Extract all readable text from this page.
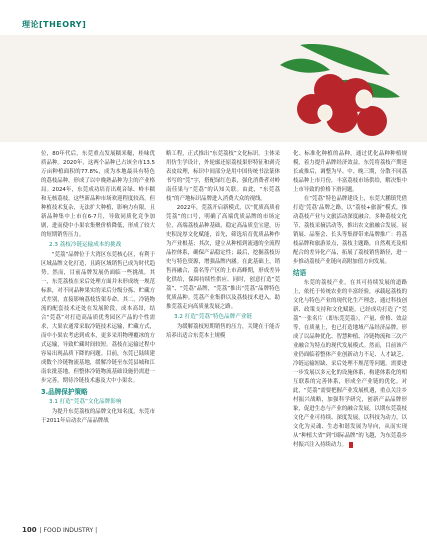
理论 [THEORY]

位，80年代后，东莞重点发展糯米糍，桂味优质品种。2020年，这两个品种已占该全市13.5万亩种植面积的77.8%，成为本地最具有特色的荔枝品种，形成了以中晚熟品种为主的产业格局。2024年，东莞成功培育出观音绿、岭丰糯和无核荔枝，这些新品种市场欢迎程度较高，但种植技术复杂，无法扩大种植，影响力有限，且新品种集中上市在6-7月，导致同质化竞争加剧，进而使中小果农集聚价格降低，形成了较大的短期销售压力。

2.3 荔枝冷链运输成本的挑战

“莞荔”品牌位于大湾区东莞核心区，有利于区域品牌文化打造，且跨区域销售已成为时代趋势。然而，目前品牌发展仍面临一些挑战。其一，东莞荔枝在采后处理方面并未形成统一规范标准，对不同品种果实的采后分级分拣、贮藏方式差别，直接影响荔枝货架寿命。其二，冷链物流的配套技术还处在发展阶段，成本高昂，结合“莞荔”对打造高品质优秀园区产品的个性需求，大果农通常采取冷链技术运输，贮藏方式，而中小果农考虑到成本，更多采用物理覆冰的方式运输，导致贮藏时间较短。荔枝在运输过程中容易出现品质下降的问题。目前，东莞已陆续建成数个冷链物流基地，缓解冷链至东莞县城和江南农批基地，但整体冷链物流基础设施仍需进一步完善，期待冷链技术惠及大中小果农。

3.品牌保护策略
3.1 打造“莞荔”文化品牌影响

为提升东莞荔枝的品牌文化知名度，东莞市于2011年启动农产品品牌战

略工程，正式推出“东莞荔枝”文化标识。主体采用仿生学设计，外轮廓还原荔枝果形特征和剥壳表皮纹理，标识中间部分是用中国传统书法篆体书写的“莞”字，搭配绿红色系，强化消费者对岭南佳果与“莞荔”的认知关联。由此，“东莞荔枝”的产地标识品牌进入消费大众的视线。

2022年，莞荔开启新模式，以“优质高质看莞荔”的口号，明确了高端优质品牌的市场定位，高端荔枝品种基础，稳定高品质皇宝建，历史积淀厚文化赋能，首先，筛选培育优质品种作为产业根基；其次，建立从种植到流通的全流程品控体系，确保产品稳定性；最后，挖掘荔枝历史与特色资源，增强品牌内涵。在此基础上，销售再融合，荔名等产区的上市高峰期，形成差异化供给，保障持续性供应。同时，创意打造“莞荔”、“莞荔”品牌，“莞荔”推出“莞荔”品牌特色优质品种。莞荔产业集群以及荔枝技术进入，助推莞荔走向高质量发展之路。

3.2 打造“莞荔”特色品牌产业链

为缓解荔枝短期销售的压力，关键在于能否培养出适合东莞本土规模

化、标准化种植的品种，通过优化品种种植规模，着力提升品牌经济效益。东莞将荔枝产期延长或推后，调整为早、中、晚三期，分散不同荔枝品种上市月份，丰富荔枝市场供给，解决集中上市导致的价格下滑问题。

在“莞荔”特色品牌建设上，东莞大鹏镇凭借打造‘莞荔’品牌之路，以“荔枝+旅游”模式，推动荔枝产业与文旅活动深度融合，多种荔枝文化节，荔枝采摘活动等，推出农文旅融合发展，展销展、品鉴会、长头等集群带来品牌推广：将荔枝品牌和旅游景点，荔枝主题路，自然观光及相配合的差异化产品，拓展了荔枝销售路径，进一步推动荔枝产业链向高附加值方向发展。

结语

东莞的荔枝产业，在其可持续发展的道路上，依托于传统农业的丰富经验，承载起荔枝的文化与特色产业的现代化生产理念，通过科技创新、政策支持和文化赋能，已经成功打造了“莞荔”一张名片（即东莞莞荔），产量、价格、效益等，在质量上，也已打造地域产品经济品牌，形成了以品种优化、智慧种植、冷链物流和三次产业融合为特点的现代发展模式。然而，目前该产业仍面临着整体产业创新动力不足、人才缺乏、冷链运输短缺、采后处理不规范等问题。需要进一步发展以多元化的设施体系，构建体系化的相互联系的完善体系，形成全产业链的优化。对此，“莞荔”需要把握产业发展机遇，重点关注乡村振兴战略，加强科学研究，创新产品品牌形象，促进生态与产业的融合发展，以期东莞荔枝文化产业可持续、深度发展，以科技为动力，以文化为灵魂、生态和谐发展为导向，从而实现从“种植大省”到“国际品牌”的飞越，为东莞荔乡村振兴注入持续动力。

100 | FOOD INDUSTRY |
